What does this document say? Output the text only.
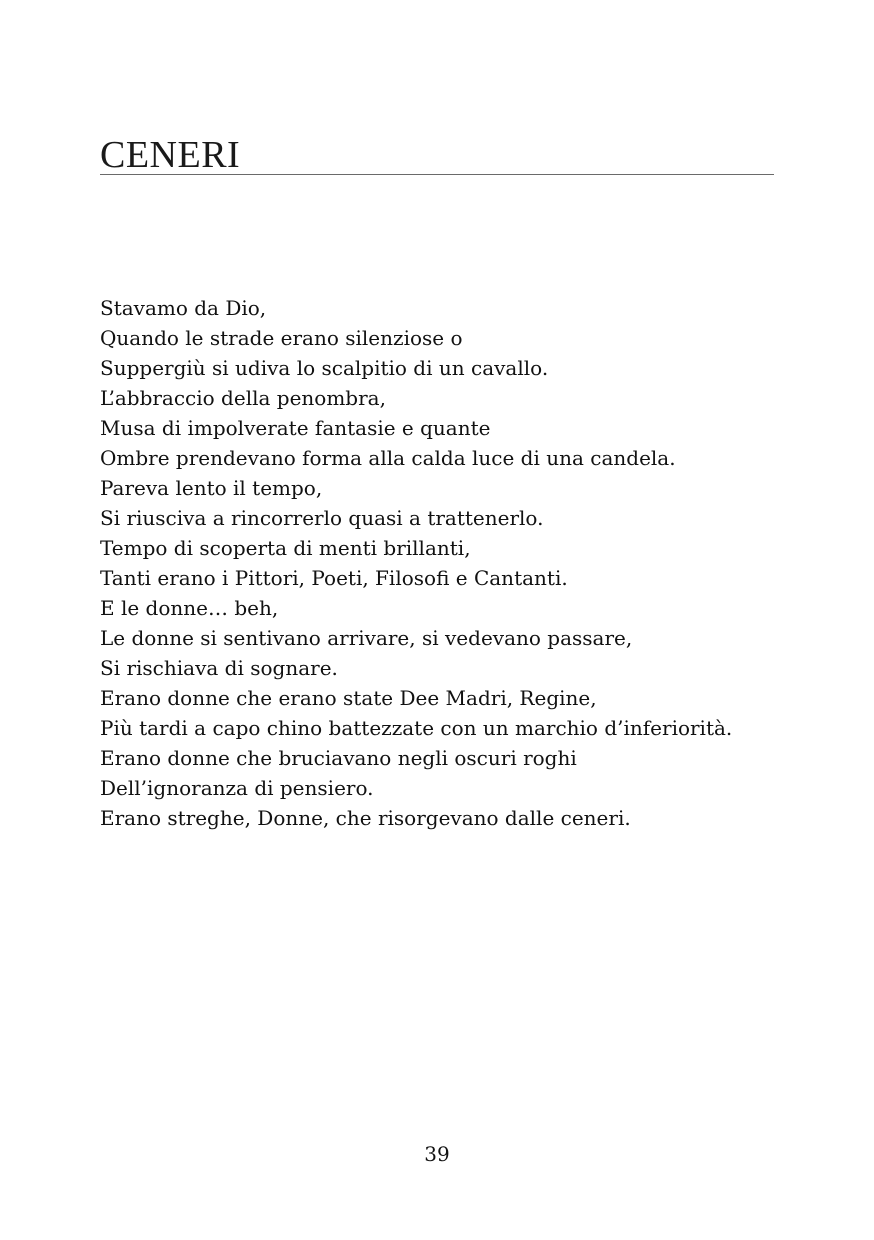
CENERI
Stavamo da Dio,
Quando le strade erano silenziose o
Suppergiù si udiva lo scalpitio di un cavallo.
L’abbraccio della penombra,
Musa di impolverate fantasie e quante
Ombre prendevano forma alla calda luce di una candela.
Pareva lento il tempo,
Si riusciva a rincorrerlo quasi a trattenerlo.
Tempo di scoperta di menti brillanti,
Tanti erano i Pittori, Poeti, Filosofi e Cantanti.
E le donne… beh,
Le donne si sentivano arrivare, si vedevano passare,
Si rischiava di sognare.
Erano donne che erano state Dee Madri, Regine,
Più tardi a capo chino battezzate con un marchio d’inferiorità.
Erano donne che bruciavano negli oscuri roghi
Dell’ignoranza di pensiero.
Erano streghe, Donne, che risorgevano dalle ceneri.
39
